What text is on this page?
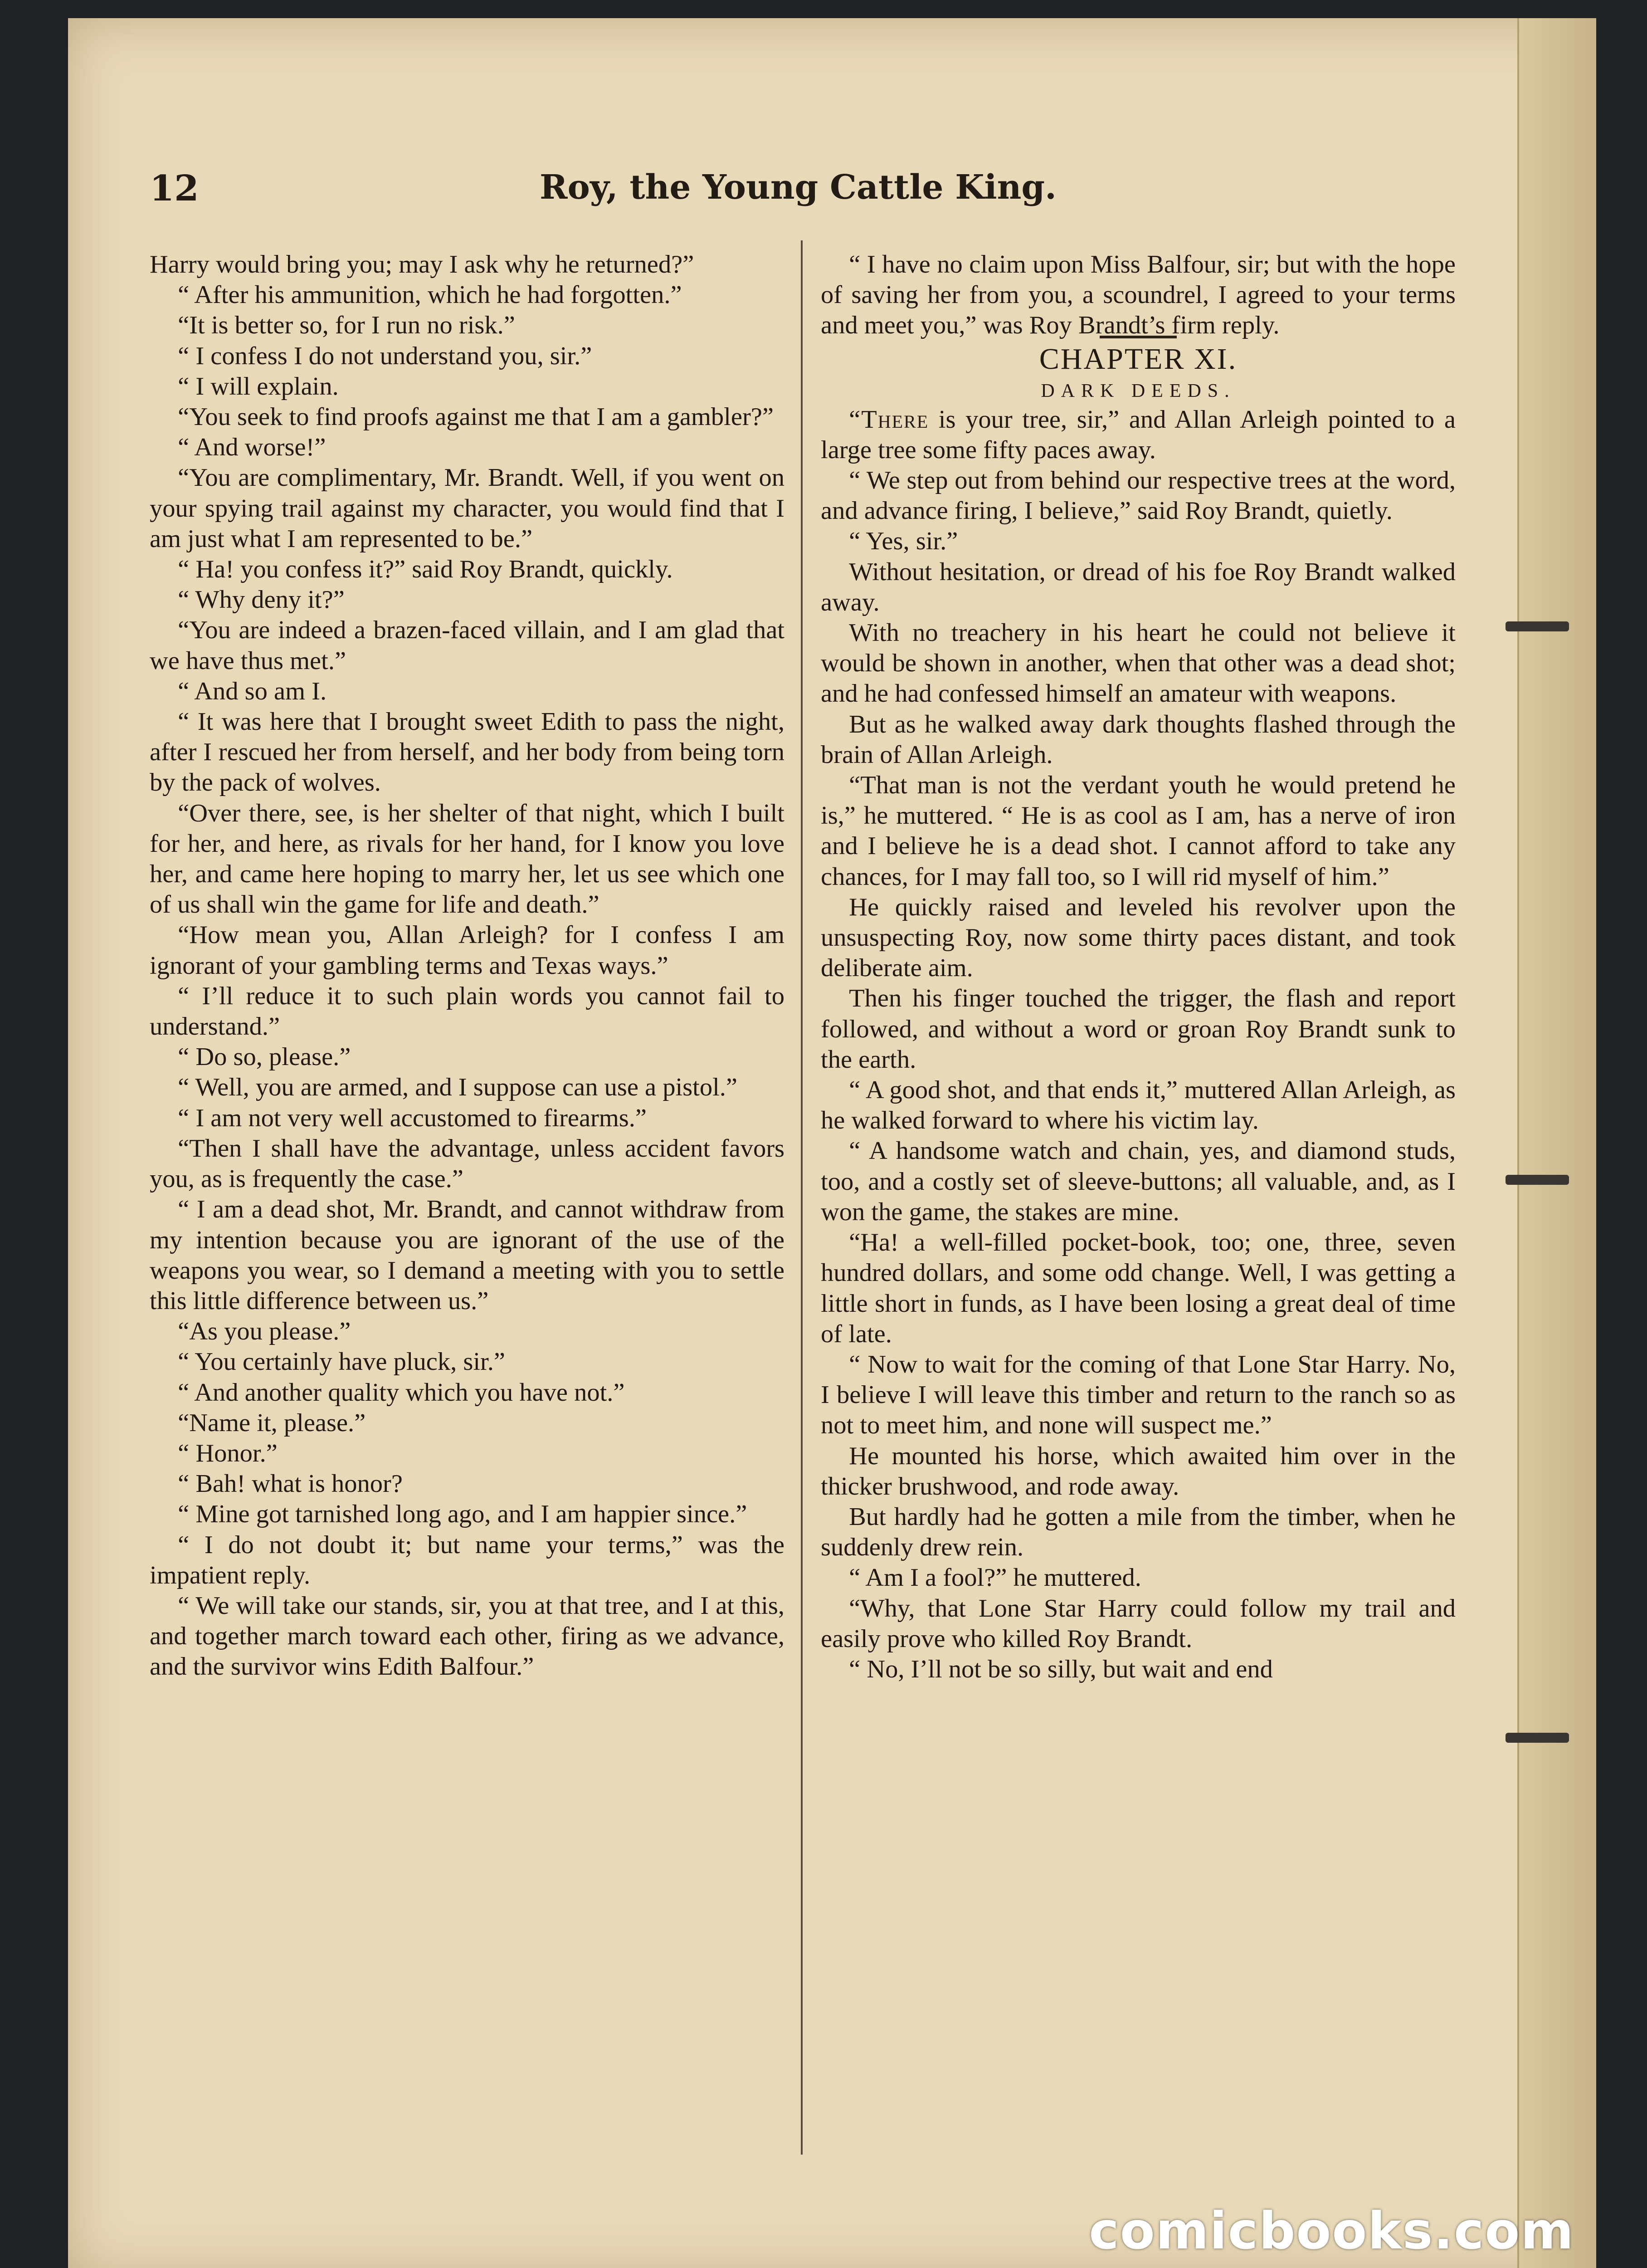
12	Roy, the Young Cattle King.

Harry would bring you; may I ask why he returned?”

“ After his ammunition, which he had forgotten.”

“It is better so, for I run no risk.”

“ I confess I do not understand you, sir.”

“ I will explain.

“You seek to find proofs against me that I am a gambler?”

“ And worse!”

“You are complimentary, Mr. Brandt. Well, if you went on your spying trail against my character, you would find that I am just what I am represented to be.”

“ Ha! you confess it?” said Roy Brandt, quickly.

“ Why deny it?”

“You are indeed a brazen-faced villain, and I am glad that we have thus met.”

“ And so am I.

“ It was here that I brought sweet Edith to pass the night, after I rescued her from herself, and her body from being torn by the pack of wolves.

“Over there, see, is her shelter of that night, which I built for her, and here, as rivals for her hand, for I know you love her, and came here hoping to marry her, let us see which one of us shall win the game for life and death.”

“How mean you, Allan Arleigh? for I confess I am ignorant of your gambling terms and Texas ways.”

“ I’ll reduce it to such plain words you cannot fail to understand.”

“ Do so, please.”

“ Well, you are armed, and I suppose can use a pistol.”

“ I am not very well accustomed to firearms.”

“Then I shall have the advantage, unless accident favors you, as is frequently the case.”

“ I am a dead shot, Mr. Brandt, and cannot withdraw from my intention because you are ignorant of the use of the weapons you wear, so I demand a meeting with you to settle this little difference between us.”

“As you please.”

“ You certainly have pluck, sir.”

“ And another quality which you have not.”

“Name it, please.”

“ Honor.”

“ Bah! what is honor?

“ Mine got tarnished long ago, and I am happier since.”

“ I do not doubt it; but name your terms,” was the impatient reply.

“ We will take our stands, sir, you at that tree, and I at this, and together march toward each other, firing as we advance, and the survivor wins Edith Balfour.”

“ I have no claim upon Miss Balfour, sir; but with the hope of saving her from you, a scoundrel, I agreed to your terms and meet you,” was Roy Brandt’s firm reply.

CHAPTER XI.

DARK DEEDS.

“There is your tree, sir,” and Allan Arleigh pointed to a large tree some fifty paces away.

“ We step out from behind our respective trees at the word, and advance firing, I believe,” said Roy Brandt, quietly.

“ Yes, sir.”

Without hesitation, or dread of his foe Roy Brandt walked away.

With no treachery in his heart he could not believe it would be shown in another, when that other was a dead shot; and he had confessed himself an amateur with weapons.

But as he walked away dark thoughts flashed through the brain of Allan Arleigh.

“That man is not the verdant youth he would pretend he is,” he muttered. “ He is as cool as I am, has a nerve of iron and I believe he is a dead shot. I cannot afford to take any chances, for I may fall too, so I will rid myself of him.”

He quickly raised and leveled his revolver upon the unsuspecting Roy, now some thirty paces distant, and took deliberate aim.

Then his finger touched the trigger, the flash and report followed, and without a word or groan Roy Brandt sunk to the earth.

“ A good shot, and that ends it,” muttered Allan Arleigh, as he walked forward to where his victim lay.

“ A handsome watch and chain, yes, and diamond studs, too, and a costly set of sleeve-buttons; all valuable, and, as I won the game, the stakes are mine.

“Ha! a well-filled pocket-book, too; one, three, seven hundred dollars, and some odd change. Well, I was getting a little short in funds, as I have been losing a great deal of time of late.

“ Now to wait for the coming of that Lone Star Harry. No, I believe I will leave this timber and return to the ranch so as not to meet him, and none will suspect me.”

He mounted his horse, which awaited him over in the thicker brushwood, and rode away.

But hardly had he gotten a mile from the timber, when he suddenly drew rein.

“ Am I a fool?” he muttered.

“Why, that Lone Star Harry could follow my trail and easily prove who killed Roy Brandt.

“ No, I’ll not be so silly, but wait and end

comicbooks.com
